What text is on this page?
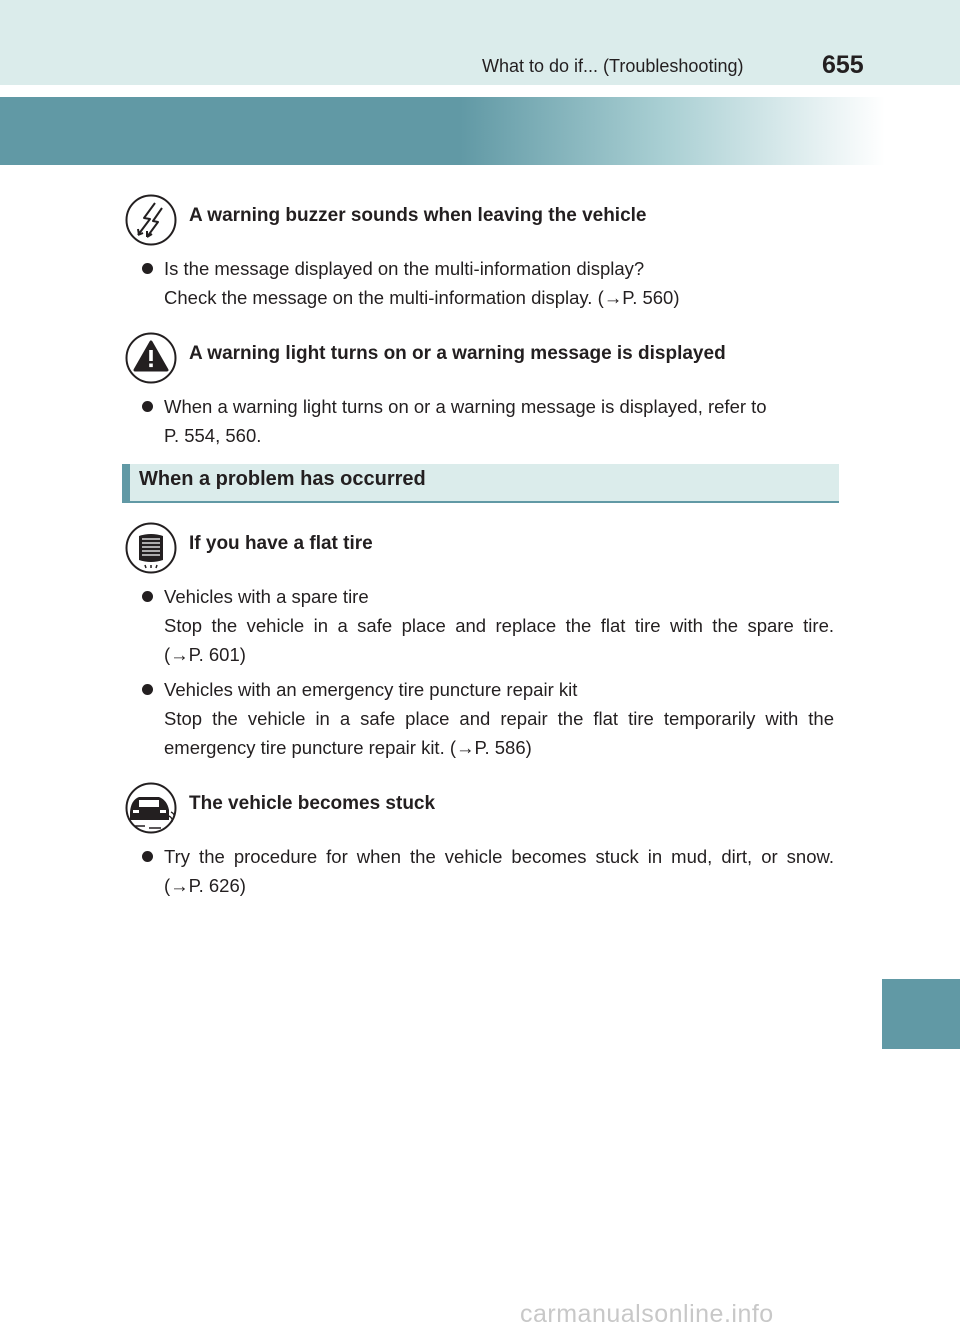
What to do if... (Troubleshooting)	655
A warning buzzer sounds when leaving the vehicle
Is the message displayed on the multi-information display?
Check the message on the multi-information display. (→P. 560)
A warning light turns on or a warning message is displayed
When a warning light turns on or a warning message is displayed, refer to
P. 554, 560.
When a problem has occurred
If you have a flat tire
Vehicles with a spare tire
Stop the vehicle in a safe place and replace the flat tire with the spare tire.
(→P. 601)
Vehicles with an emergency tire puncture repair kit
Stop the vehicle in a safe place and repair the flat tire temporarily with the
emergency tire puncture repair kit. (→P. 586)
The vehicle becomes stuck
Try the procedure for when the vehicle becomes stuck in mud, dirt, or snow.
(→P. 626)
carmanualsonline.info
